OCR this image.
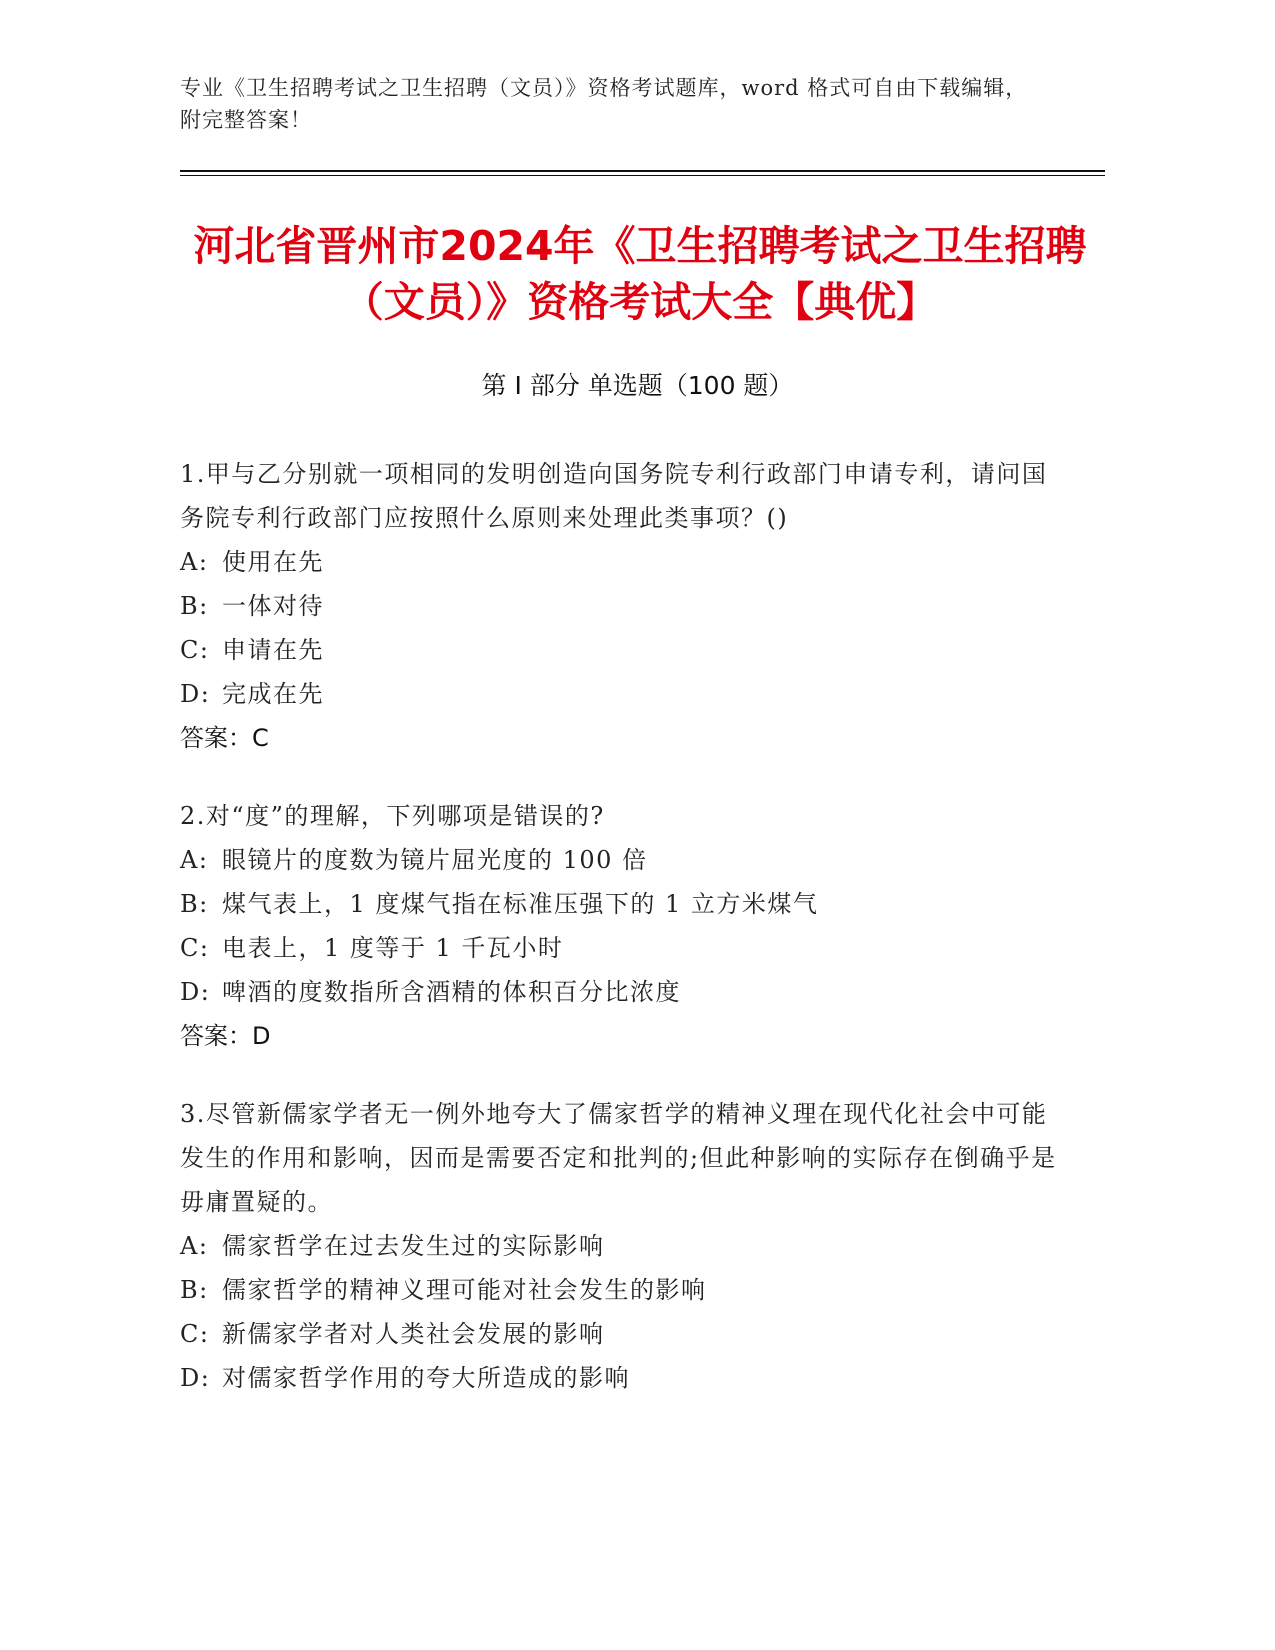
专业《卫生招聘考试之卫生招聘（文员）》资格考试题库，word 格式可自由下载编辑，附完整答案！
河北省晋州市2024年《卫生招聘考试之卫生招聘（文员）》资格考试大全【典优】
第 I 部分 单选题（100 题）
1.甲与乙分别就一项相同的发明创造向国务院专利行政部门申请专利，请问国务院专利行政部门应按照什么原则来处理此类事项？()
A: 使用在先
B: 一体对待
C: 申请在先
D: 完成在先
答案：C
2.对“度”的理解，下列哪项是错误的?
A: 眼镜片的度数为镜片屈光度的 100 倍
B: 煤气表上，1 度煤气指在标准压强下的 1 立方米煤气
C: 电表上，1 度等于 1 千瓦小时
D: 啤酒的度数指所含酒精的体积百分比浓度
答案：D
3.尽管新儒家学者无一例外地夸大了儒家哲学的精神义理在现代化社会中可能发生的作用和影响，因而是需要否定和批判的;但此种影响的实际存在倒确乎是毋庸置疑的。
A: 儒家哲学在过去发生过的实际影响
B: 儒家哲学的精神义理可能对社会发生的影响
C: 新儒家学者对人类社会发展的影响
D: 对儒家哲学作用的夸大所造成的影响
